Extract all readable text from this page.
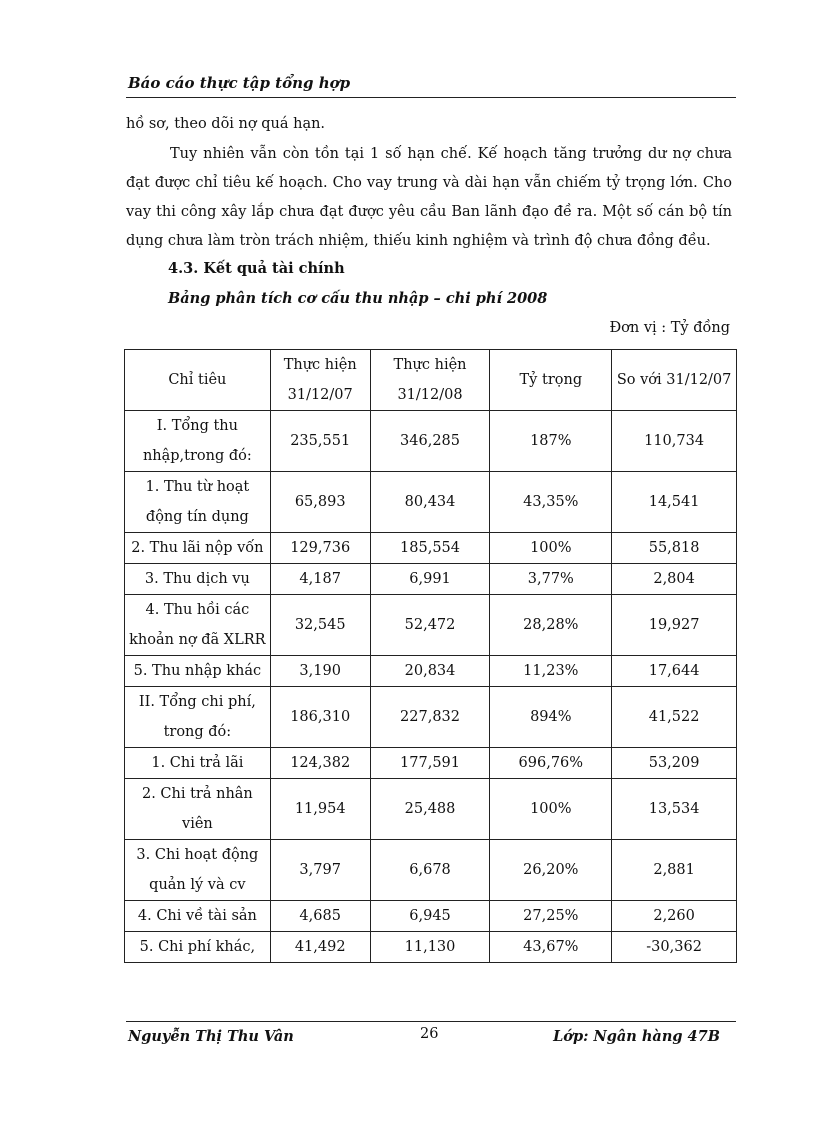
Báo cáo thực tập tổng hợp
hồ sơ, theo dõi nợ quá hạn.
Tuy nhiên vẫn còn tồn tại 1 số hạn chế. Kế hoạch tăng trưởng dư nợ chưa đạt được chỉ tiêu kế hoạch. Cho vay trung và dài hạn vẫn chiếm tỷ trọng lớn. Cho vay thi công xây lắp chưa đạt được yêu cầu Ban lãnh đạo đề ra. Một số cán bộ tín dụng chưa làm tròn trách nhiệm, thiếu kinh nghiệm và trình độ chưa đồng đều.
4.3. Kết quả tài chính
Bảng phân tích cơ cấu thu nhập – chi phí 2008
Đơn vị : Tỷ đồng
Chỉ tiêu	Thực hiện 31/12/07	Thực hiện 31/12/08	Tỷ trọng	So với 31/12/07
I. Tổng thu nhập,trong đó:	235,551	346,285	187%	110,734
1. Thu từ hoạt động tín dụng	65,893	80,434	43,35%	14,541
2. Thu lãi nộp vốn	129,736	185,554	100%	55,818
3. Thu dịch vụ	4,187	6,991	3,77%	2,804
4. Thu hồi các khoản nợ đã XLRR	32,545	52,472	28,28%	19,927
5. Thu nhập khác	3,190	20,834	11,23%	17,644
II. Tổng chi phí, trong đó:	186,310	227,832	894%	41,522
1. Chi trả lãi	124,382	177,591	696,76%	53,209
2. Chi trả nhân viên	11,954	25,488	100%	13,534
3. Chi hoạt động quản lý và cv	3,797	6,678	26,20%	2,881
4. Chi về tài sản	4,685	6,945	27,25%	2,260
5. Chi phí khác,	41,492	11,130	43,67%	-30,362
Nguyễn Thị Thu Vân	26	Lớp: Ngân hàng 47B
